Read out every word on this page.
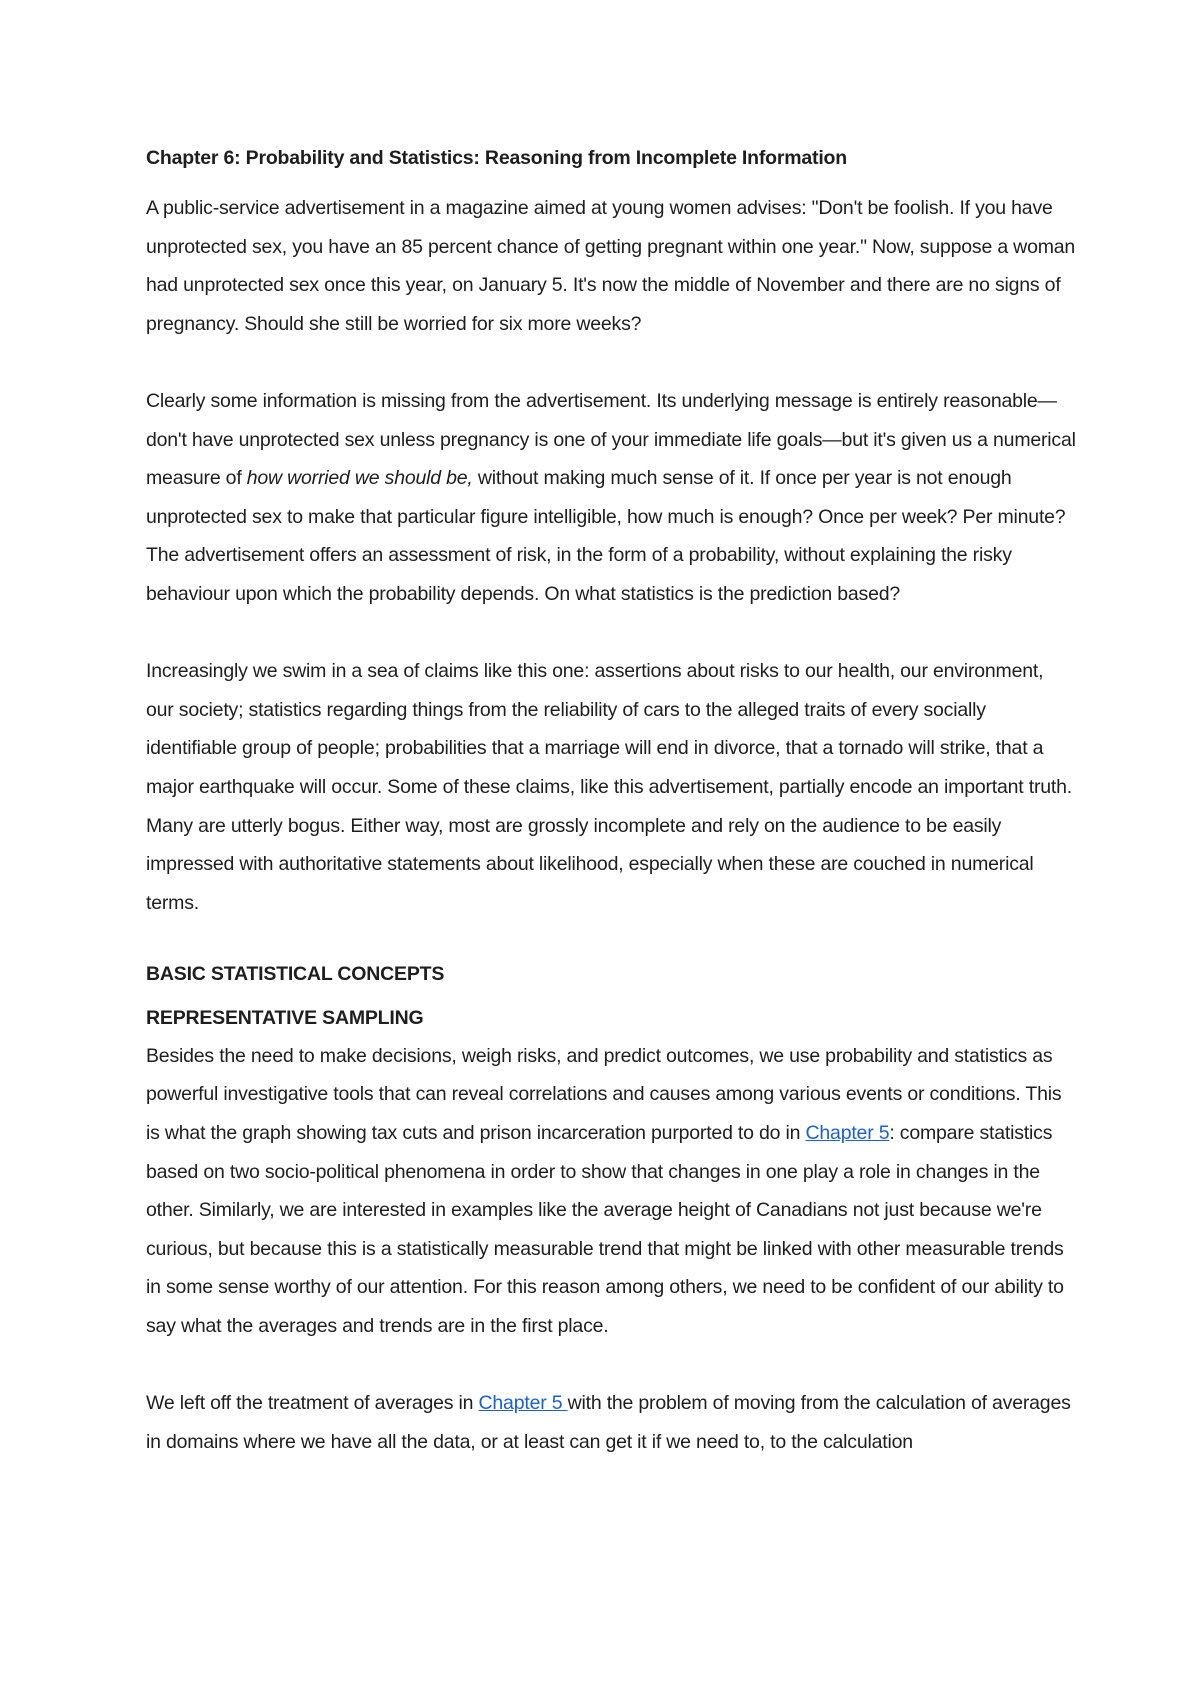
Chapter 6: Probability and Statistics: Reasoning from Incomplete Information

A public-service advertisement in a magazine aimed at young women advises: "Don't be foolish. If you have unprotected sex, you have an 85 percent chance of getting pregnant within one year." Now, suppose a woman had unprotected sex once this year, on January 5. It's now the middle of November and there are no signs of pregnancy. Should she still be worried for six more weeks?

Clearly some information is missing from the advertisement. Its underlying message is entirely reasonable—don't have unprotected sex unless pregnancy is one of your immediate life goals—but it's given us a numerical measure of how worried we should be, without making much sense of it. If once per year is not enough unprotected sex to make that particular figure intelligible, how much is enough? Once per week? Per minute? The advertisement offers an assessment of risk, in the form of a probability, without explaining the risky behaviour upon which the probability depends. On what statistics is the prediction based?

Increasingly we swim in a sea of claims like this one: assertions about risks to our health, our environment, our society; statistics regarding things from the reliability of cars to the alleged traits of every socially identifiable group of people; probabilities that a marriage will end in divorce, that a tornado will strike, that a major earthquake will occur. Some of these claims, like this advertisement, partially encode an important truth. Many are utterly bogus. Either way, most are grossly incomplete and rely on the audience to be easily impressed with authoritative statements about likelihood, especially when these are couched in numerical terms.

BASIC STATISTICAL CONCEPTS
REPRESENTATIVE SAMPLING

Besides the need to make decisions, weigh risks, and predict outcomes, we use probability and statistics as powerful investigative tools that can reveal correlations and causes among various events or conditions. This is what the graph showing tax cuts and prison incarceration purported to do in Chapter 5: compare statistics based on two socio-political phenomena in order to show that changes in one play a role in changes in the other. Similarly, we are interested in examples like the average height of Canadians not just because we're curious, but because this is a statistically measurable trend that might be linked with other measurable trends in some sense worthy of our attention. For this reason among others, we need to be confident of our ability to say what the averages and trends are in the first place.

We left off the treatment of averages in Chapter 5 with the problem of moving from the calculation of averages in domains where we have all the data, or at least can get it if we need to, to the calculation
